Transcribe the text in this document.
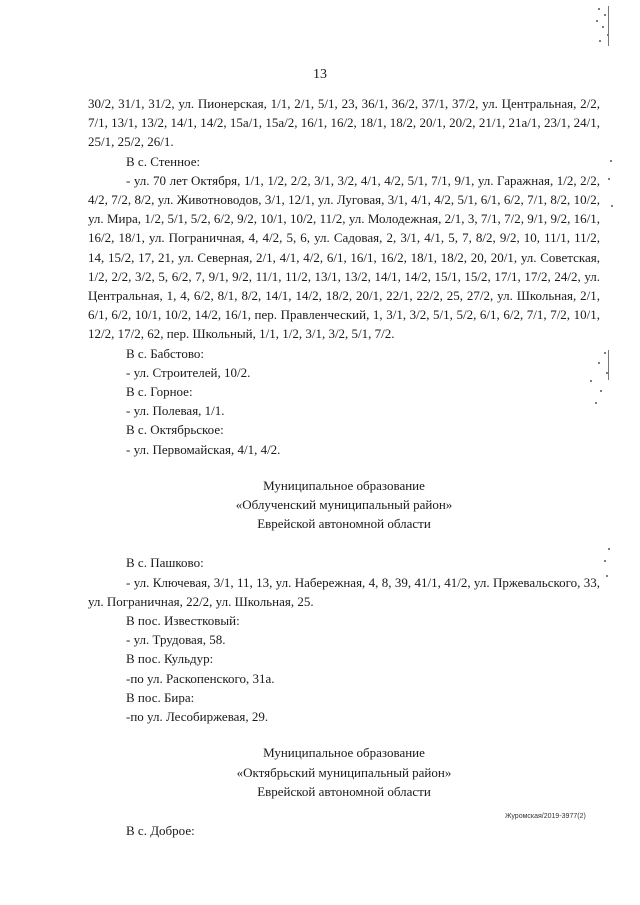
13

30/2, 31/1, 31/2, ул. Пионерская, 1/1, 2/1, 5/1, 23, 36/1, 36/2, 37/1, 37/2, ул. Центральная, 2/2, 7/1, 13/1, 13/2, 14/1, 14/2, 15а/1, 15а/2, 16/1, 16/2, 18/1, 18/2, 20/1, 20/2, 21/1, 21а/1, 23/1, 24/1, 25/1, 25/2, 26/1.

В с. Стенное:

- ул. 70 лет Октября, 1/1, 1/2, 2/2, 3/1, 3/2, 4/1, 4/2, 5/1, 7/1, 9/1, ул. Гаражная, 1/2, 2/2, 4/2, 7/2, 8/2, ул. Животноводов, 3/1, 12/1, ул. Луговая, 3/1, 4/1, 4/2, 5/1, 6/1, 6/2, 7/1, 8/2, 10/2, ул. Мира, 1/2, 5/1, 5/2, 6/2, 9/2, 10/1, 10/2, 11/2, ул. Молодежная, 2/1, 3, 7/1, 7/2, 9/1, 9/2, 16/1, 16/2, 18/1, ул. Пограничная, 4, 4/2, 5, 6, ул. Садовая, 2, 3/1, 4/1, 5, 7, 8/2, 9/2, 10, 11/1, 11/2, 14, 15/2, 17, 21, ул. Северная, 2/1, 4/1, 4/2, 6/1, 16/1, 16/2, 18/1, 18/2, 20, 20/1, ул. Советская, 1/2, 2/2, 3/2, 5, 6/2, 7, 9/1, 9/2, 11/1, 11/2, 13/1, 13/2, 14/1, 14/2, 15/1, 15/2, 17/1, 17/2, 24/2, ул. Центральная, 1, 4, 6/2, 8/1, 8/2, 14/1, 14/2, 18/2, 20/1, 22/1, 22/2, 25, 27/2, ул. Школьная, 2/1, 6/1, 6/2, 10/1, 10/2, 14/2, 16/1, пер. Правленческий, 1, 3/1, 3/2, 5/1, 5/2, 6/1, 6/2, 7/1, 7/2, 10/1, 12/2, 17/2, 62, пер. Школьный, 1/1, 1/2, 3/1, 3/2, 5/1, 7/2.

В с. Бабстово:

- ул. Строителей, 10/2.

В с. Горное:

- ул. Полевая, 1/1.

В с. Октябрьское:

- ул. Первомайская, 4/1, 4/2.

Муниципальное образование
«Облученский муниципальный район»
Еврейской автономной области

В с. Пашково:

- ул. Ключевая, 3/1, 11, 13, ул. Набережная, 4, 8, 39, 41/1, 41/2, ул. Пржевальского, 33, ул. Пограничная, 22/2, ул. Школьная, 25.

В пос. Известковый:

- ул. Трудовая, 58.

В пос. Кульдур:

-по ул. Раскопенского, 31а.

В пос. Бира:

-по ул. Лесобиржевая, 29.

Муниципальное образование
«Октябрьский муниципальный район»
Еврейской автономной области

В с. Доброе:

Журомская/2019-3977(2)
